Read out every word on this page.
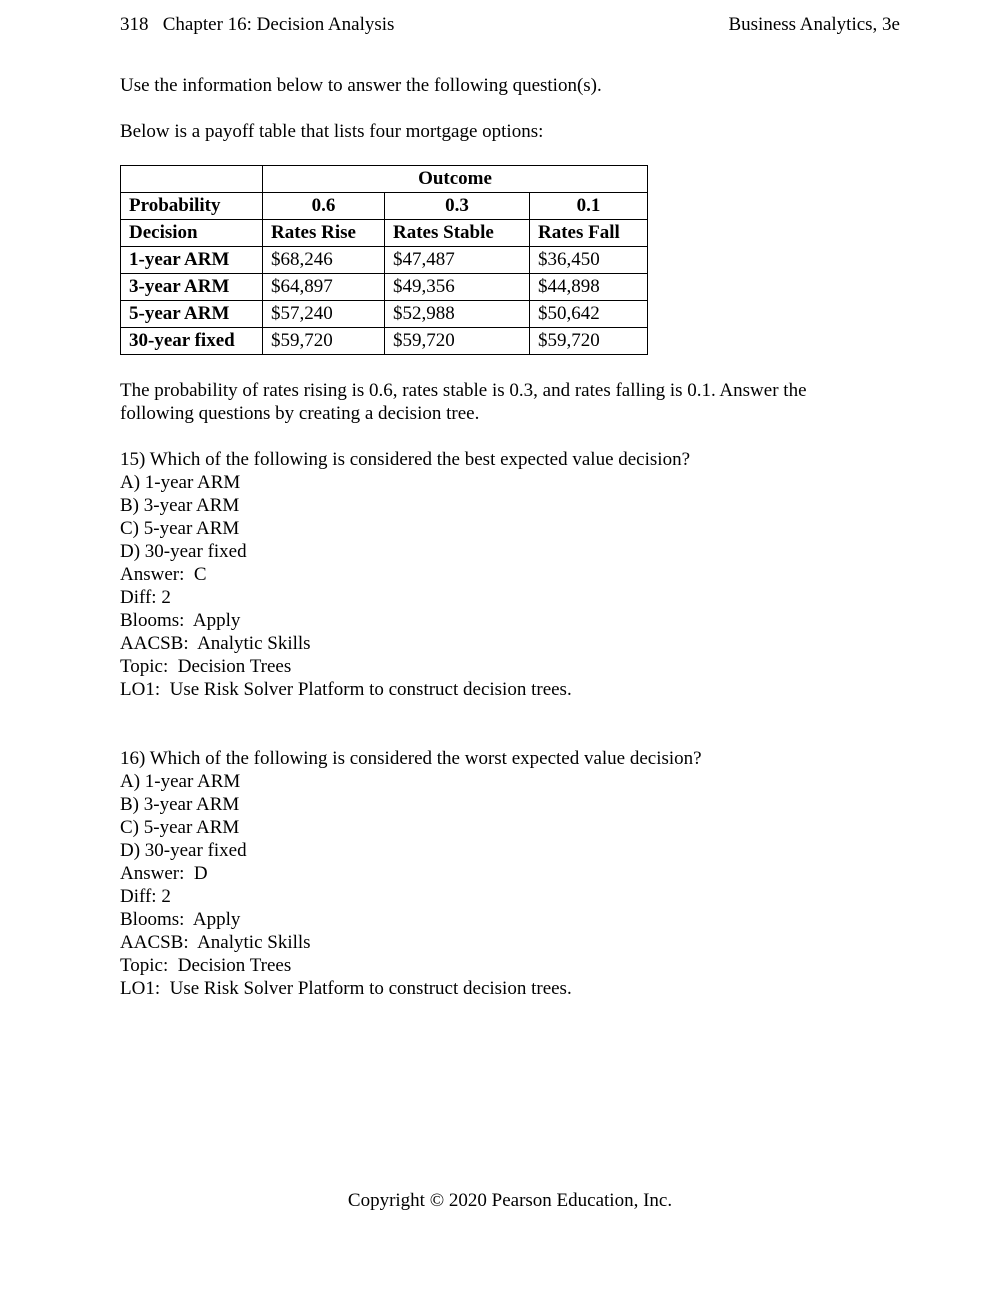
318   Chapter 16: Decision Analysis	Business Analytics, 3e
Use the information below to answer the following question(s).
Below is a payoff table that lists four mortgage options:
	Outcome		
Probability	0.6	0.3	0.1
Decision	Rates Rise	Rates Stable	Rates Fall
1-year ARM	$68,246	$47,487	$36,450
3-year ARM	$64,897	$49,356	$44,898
5-year ARM	$57,240	$52,988	$50,642
30-year fixed	$59,720	$59,720	$59,720
The probability of rates rising is 0.6, rates stable is 0.3, and rates falling is 0.1. Answer the following questions by creating a decision tree.
15) Which of the following is considered the best expected value decision?
A) 1-year ARM
B) 3-year ARM
C) 5-year ARM
D) 30-year fixed
Answer:  C
Diff: 2
Blooms:  Apply
AACSB:  Analytic Skills
Topic:  Decision Trees
LO1:  Use Risk Solver Platform to construct decision trees.
16) Which of the following is considered the worst expected value decision?
A) 1-year ARM
B) 3-year ARM
C) 5-year ARM
D) 30-year fixed
Answer:  D
Diff: 2
Blooms:  Apply
AACSB:  Analytic Skills
Topic:  Decision Trees
LO1:  Use Risk Solver Platform to construct decision trees.
Copyright © 2020 Pearson Education, Inc.
